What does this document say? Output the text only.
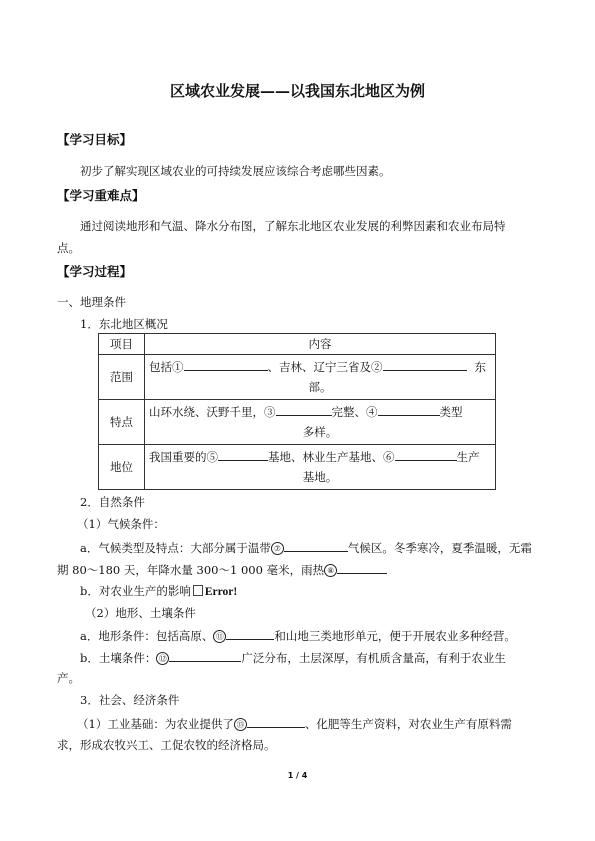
区域农业发展——以我国东北地区为例
【学习目标】
初步了解实现区域农业的可持续发展应该综合考虑哪些因素。
【学习重难点】
通过阅读地形和气温、降水分布图，了解东北地区农业发展的利弊因素和农业布局特
点。
【学习过程】
一、地理条件
1．东北地区概况
项目	内容
范围	包括① 、吉林、辽宁三省及② 东
部。

特点	山环水绕、沃野千里，③ 完整、④ 类型
多样。

地位	我国重要的⑤ 基地、林业生产基地、⑥ 生产
基地。
2．自然条件
（1）气候条件：
a．气候类型及特点：大部分属于温带 ⑦	气候区。冬季寒冷，夏季温暖，无霜
期 80～180 天，年降水量 300～1 000 毫米，雨热 ⑧
b．对农业生产的影响 Error!
（2）地形、土壤条件
a．地形条件：包括高原、 ⑪	和山地三类地形单元，便于开展农业多种经营。
b．土壤条件： ⑫	广泛分布，土层深厚，有机质含量高，有利于农业生
产。
3．社会、经济条件
（1）工业基础：为农业提供了 ⑬	、化肥等生产资料，对农业生产有原料需
求，形成农牧兴工、工促农牧的经济格局。
1 / 4
